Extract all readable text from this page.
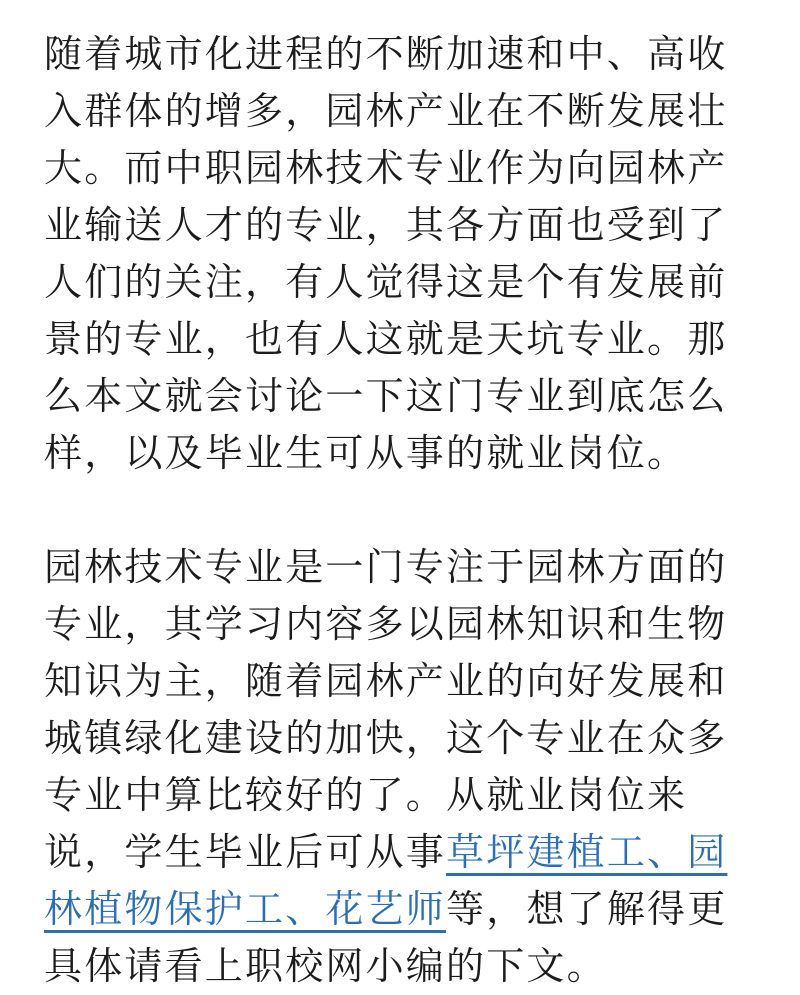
随着城市化进程的不断加速和中、高收入群体的增多，园林产业在不断发展壮大。而中职园林技术专业作为向园林产业输送人才的专业，其各方面也受到了人们的关注，有人觉得这是个有发展前景的专业，也有人这就是天坑专业。那么本文就会讨论一下这门专业到底怎么样，以及毕业生可从事的就业岗位。

园林技术专业是一门专注于园林方面的专业，其学习内容多以园林知识和生物知识为主，随着园林产业的向好发展和城镇绿化建设的加快，这个专业在众多专业中算比较好的了。从就业岗位来说，学生毕业后可从事草坪建植工、园林植物保护工、花艺师等，想了解得更具体请看上职校网小编的下文。
